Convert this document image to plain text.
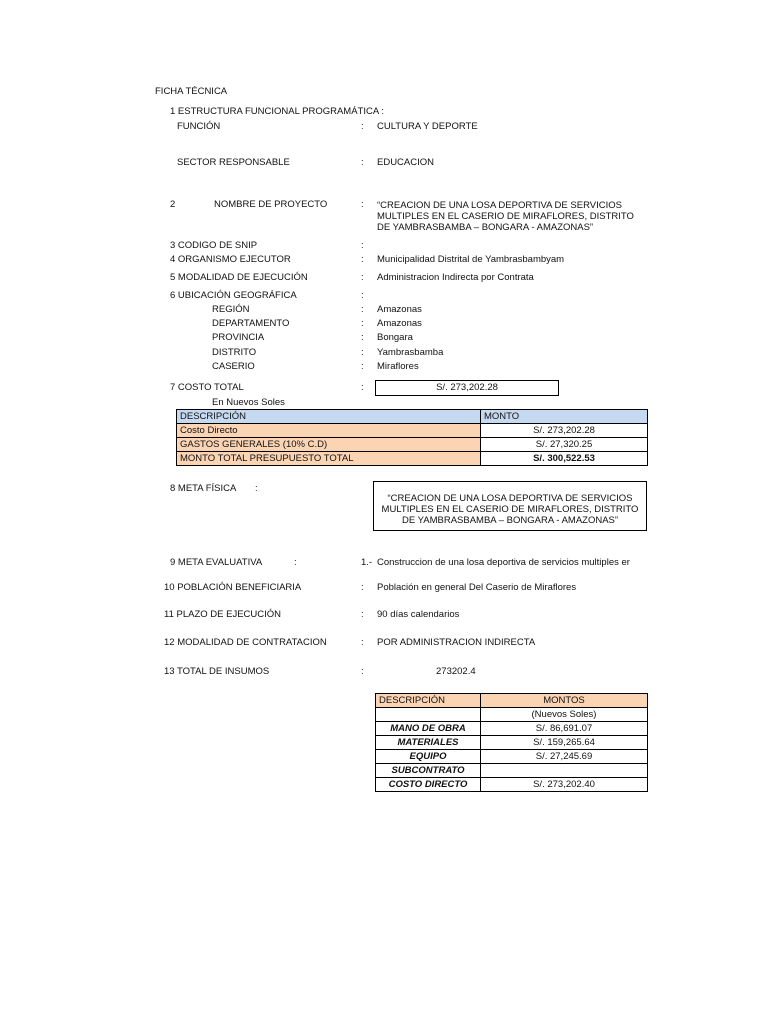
FICHA TÉCNICA
1 ESTRUCTURA FUNCIONAL PROGRAMÁTICA :
FUNCIÓN	: CULTURA Y DEPORTE
SECTOR RESPONSABLE	: EDUCACION
2	NOMBRE DE PROYECTO	: “CREACION DE UNA LOSA DEPORTIVA DE SERVICIOS MULTIPLES EN EL CASERIO DE MIRAFLORES, DISTRITO DE YAMBRASBAMBA – BONGARA - AMAZONAS”
3 CODIGO DE SNIP	:
4 ORGANISMO EJECUTOR	: Municipalidad Distrital de Yambrasbambyam
5 MODALIDAD DE EJECUCIÓN	: Administracion Indirecta por Contrata
6 UBICACIÓN GEOGRÁFICA	:
REGIÓN	: Amazonas
DEPARTAMENTO	: Amazonas
PROVINCIA	: Bongara
DISTRITO	: Yambrasbamba
CASERIO	: Miraflores
7 COSTO TOTAL	:	S/. 273,202.28
En Nuevos Soles
DESCRIPCIÓN	MONTO
Costo Directo	S/. 273,202.28
GASTOS GENERALES (10% C.D)	S/. 27,320.25
MONTO TOTAL PRESUPUESTO TOTAL	S/. 300,522.53
8 META FÍSICA :
“CREACION DE UNA LOSA DEPORTIVA DE SERVICIOS MULTIPLES EN EL CASERIO DE MIRAFLORES, DISTRITO DE YAMBRASBAMBA – BONGARA - AMAZONAS”
9 META EVALUATIVA	:	1.- Construccion de una losa deportiva de servicios multiples er
10 POBLACIÓN BENEFICIARIA	: Población en general Del Caserio de Miraflores
11 PLAZO DE EJECUCIÓN	: 90 días calendarios
12 MODALIDAD DE CONTRATACION	: POR ADMINISTRACION INDIRECTA
13 TOTAL DE INSUMOS	:	273202.4
DESCRIPCIÓN	MONTOS
	(Nuevos Soles)
MANO DE OBRA	S/. 86,691.07
MATERIALES	S/. 159,265.64
EQUIPO	S/. 27,245.69
SUBCONTRATO	
COSTO DIRECTO	S/. 273,202.40
